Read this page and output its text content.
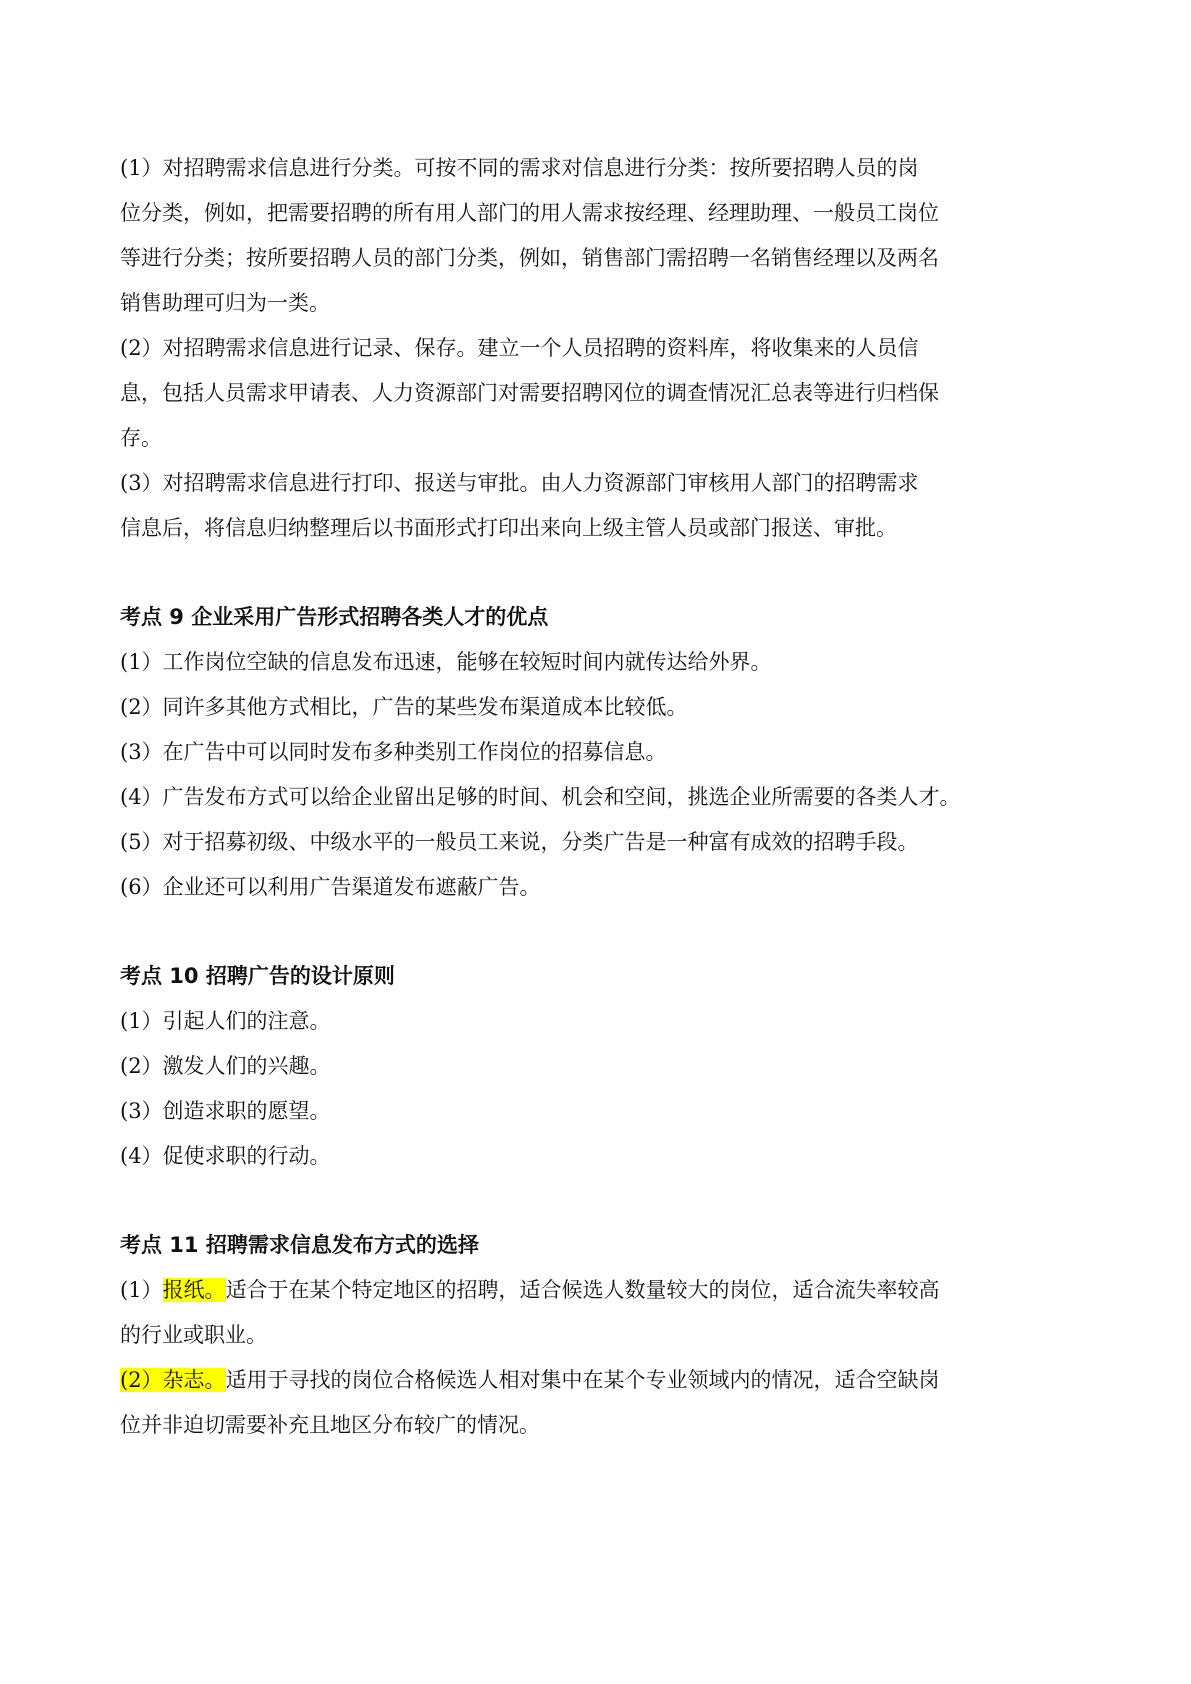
(1）对招聘需求信息进行分类。可按不同的需求对信息进行分类：按所要招聘人员的岗

位分类，例如，把需要招聘的所有用人部门的用人需求按经理、经理助理、一般员工岗位

等进行分类；按所要招聘人员的部门分类，例如，销售部门需招聘一名销售经理以及两名

销售助理可归为一类。

(2）对招聘需求信息进行记录、保存。建立一个人员招聘的资料库，将收集来的人员信

息，包括人员需求甲请表、人力资源部门对需要招聘冈位的调查情况汇总表等进行归档保

存。

(3）对招聘需求信息进行打印、报送与审批。由人力资源部门审核用人部门的招聘需求

信息后，将信息归纳整理后以书面形式打印出来向上级主管人员或部门报送、审批。

考点 9 企业采用广告形式招聘各类人才的优点

(1）工作岗位空缺的信息发布迅速，能够在较短时间内就传达给外界。

(2）同许多其他方式相比，广告的某些发布渠道成本比较低。

(3）在广告中可以同时发布多种类别工作岗位的招募信息。

(4）广告发布方式可以给企业留出足够的时间、机会和空间，挑选企业所需要的各类人才。

(5）对于招募初级、中级水平的一般员工来说，分类广告是一种富有成效的招聘手段。

(6）企业还可以利用广告渠道发布遮蔽广告。

考点 10 招聘广告的设计原则

(1）引起人们的注意。

(2）激发人们的兴趣。

(3）创造求职的愿望。

(4）促使求职的行动。

考点 11 招聘需求信息发布方式的选择

(1）报纸。适合于在某个特定地区的招聘，适合候选人数量较大的岗位，适合流失率较高

的行业或职业。

(2）杂志。适用于寻找的岗位合格候选人相对集中在某个专业领域内的情况，适合空缺岗

位并非迫切需要补充且地区分布较广的情况。
